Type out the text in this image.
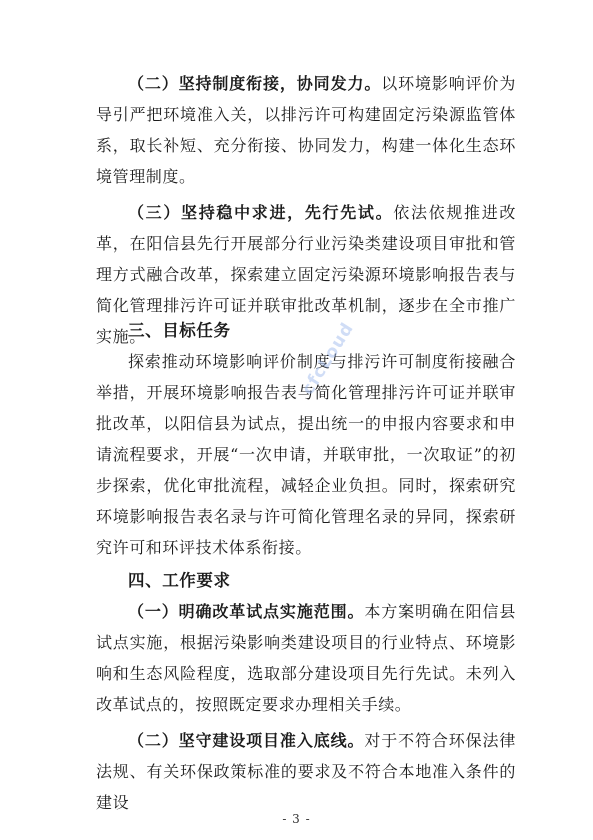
（二）坚持制度衔接，协同发力。以环境影响评价为导引严把环境准入关，以排污许可构建固定污染源监管体系，取长补短、充分衔接、协同发力，构建一体化生态环境管理制度。

（三）坚持稳中求进，先行先试。依法依规推进改革，在阳信县先行开展部分行业污染类建设项目审批和管理方式融合改革，探索建立固定污染源环境影响报告表与简化管理排污许可证并联审批改革机制，逐步在全市推广实施。

三、目标任务

探索推动环境影响评价制度与排污许可制度衔接融合举措，开展环境影响报告表与简化管理排污许可证并联审批改革，以阳信县为试点，提出统一的申报内容要求和申请流程要求，开展“一次申请，并联审批，一次取证”的初步探索，优化审批流程，减轻企业负担。同时，探索研究环境影响报告表名录与许可简化管理名录的异同，探索研究许可和环评技术体系衔接。

四、工作要求

（一）明确改革试点实施范围。本方案明确在阳信县试点实施，根据污染影响类建设项目的行业特点、环境影响和生态风险程度，选取部分建设项目先行先试。未列入改革试点的，按照既定要求办理相关手续。

（二）坚守建设项目准入底线。对于不符合环保法律法规、有关环保政策标准的要求及不符合本地准入条件的建设

cfcLoud
- 3 -
